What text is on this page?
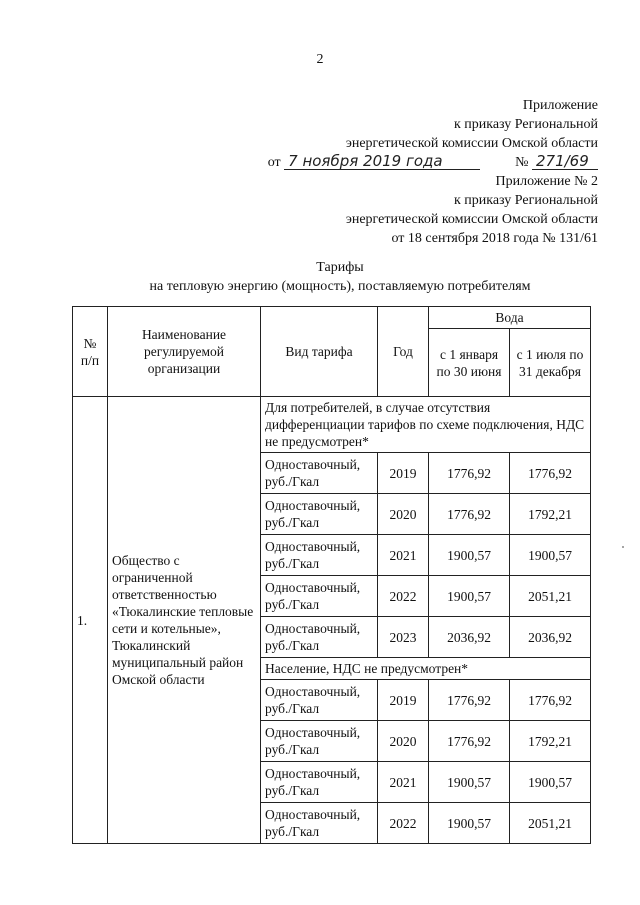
2
Приложение
к приказу Региональной
энергетической комиссии Омской области
от 7 ноября 2019 года	№ 271/69
Приложение № 2
к приказу Региональной
энергетической комиссии Омской области
от 18 сентября 2018 года № 131/61
Тарифы
на тепловую энергию (мощность), поставляемую потребителям
№ п/п	Наименование регулируемой организации	Вид тарифа	Год	Вода	
				с 1 января по 30 июня	с 1 июля по 31 декабря
1.	Общество с ограниченной ответственностью «Тюкалинские тепловые сети и котельные», Тюкалинский муниципальный район Омской области	Для потребителей, в случае отсутствия дифференциации тарифов по схеме подключения, НДС не предусмотрен*			
		Одноставочный, руб./Гкал	2019	1776,92	1776,92
		Одноставочный, руб./Гкал	2020	1776,92	1792,21
		Одноставочный, руб./Гкал	2021	1900,57	1900,57
		Одноставочный, руб./Гкал	2022	1900,57	2051,21
		Одноставочный, руб./Гкал	2023	2036,92	2036,92
		Население, НДС не предусмотрен*			
		Одноставочный, руб./Гкал	2019	1776,92	1776,92
		Одноставочный, руб./Гкал	2020	1776,92	1792,21
		Одноставочный, руб./Гкал	2021	1900,57	1900,57
		Одноставочный, руб./Гкал	2022	1900,57	2051,21
